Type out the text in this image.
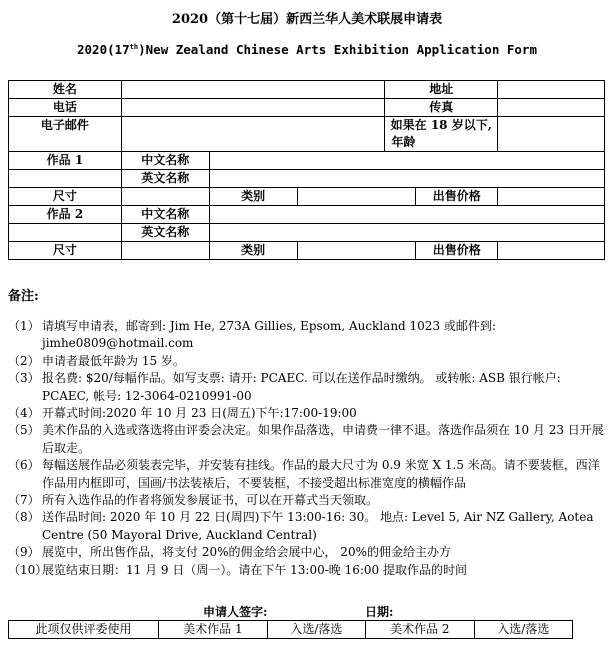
2020（第十七届）新西兰华人美术联展申请表
2020(17th)New Zealand Chinese Arts Exhibition Application Form
姓名				地址		
电话				传真		
电子邮件				如果在 18 岁以下,

年龄		

作品 1	中文名称					
	英文名称					
尺寸		类别			出售价格	
作品 2	中文名称					
	英文名称					
尺寸		类别			出售价格	
备注:
（1） 请填写申请表，邮寄到: Jim He, 273A Gillies, Epsom, Auckland 1023 或邮件到: jimhe0809@hotmail.com
（2） 申请者最低年龄为 15 岁。
（3） 报名费: $20/每幅作品。如写支票: 请开: PCAEC. 可以在送作品时缴纳。 或转帐: ASB 银行帐户: PCAEC, 帐号: 12-3064-0210991-00
（4） 开幕式时间:2020 年 10 月 23 日(周五)下午:17:00-19:00
（5） 美术作品的入选或落选将由评委会决定。如果作品落选，申请费一律不退。落选作品须在 10 月 23 日开展后取走。
（6） 每幅送展作品必须装表完毕，并安装有挂线。作品的最大尺寸为 0.9 米宽 X 1.5 米高。请不要装框，西洋作品用内框即可，国画/书法装裱后，不要装框，不接受超出标准宽度的横幅作品
（7） 所有入选作品的作者将颁发参展证书，可以在开幕式当天领取。
（8） 送作品时间: 2020 年 10 月 22 日(周四)下午 13:00-16: 30。 地点: Level 5, Air NZ Gallery, Aotea Centre (50 Mayoral Drive, Auckland Central)
（9） 展览中，所出售作品，将支付 20%的佣金给会展中心， 20%的佣金给主办方
（10）
展览结束日期：11 月 9 日（周一）。请在下午 13:00-晚 16:00 提取作品的时间
申请人签字:	日期:
此项仅供评委使用	美术作品 1	入选/落选	美术作品 2	入选/落选
